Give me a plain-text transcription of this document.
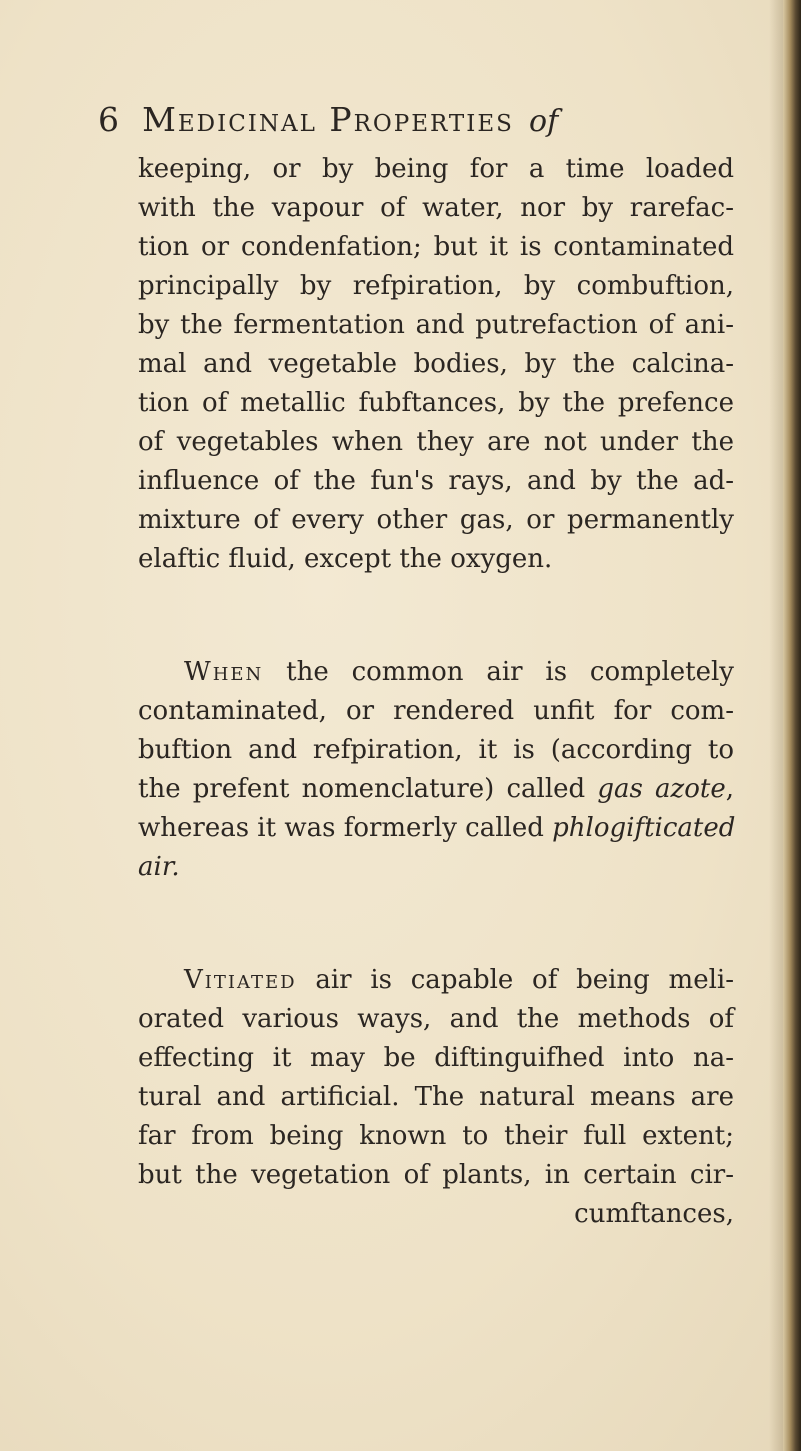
6 Medicinal Properties of
keeping, or by being for a time loaded
with the vapour of water, nor by rarefac-
tion or condenfation; but it is contaminated
principally by refpiration, by combuftion,
by the fermentation and putrefaction of ani-
mal and vegetable bodies, by the calcina-
tion of metallic fubftances, by the prefence
of vegetables when they are not under the
influence of the fun's rays, and by the ad-
mixture of every other gas, or permanently
elaftic fluid, except the oxygen.
When the common air is completely
contaminated, or rendered unfit for com-
buftion and refpiration, it is (according to
the prefent nomenclature) called gas azote,
whereas it was formerly called phlogifticated
air.
Vitiated air is capable of being meli-
orated various ways, and the methods of
effecting it may be diftinguifhed into na-
tural and artificial. The natural means are
far from being known to their full extent;
but the vegetation of plants, in certain cir-
cumftances,
